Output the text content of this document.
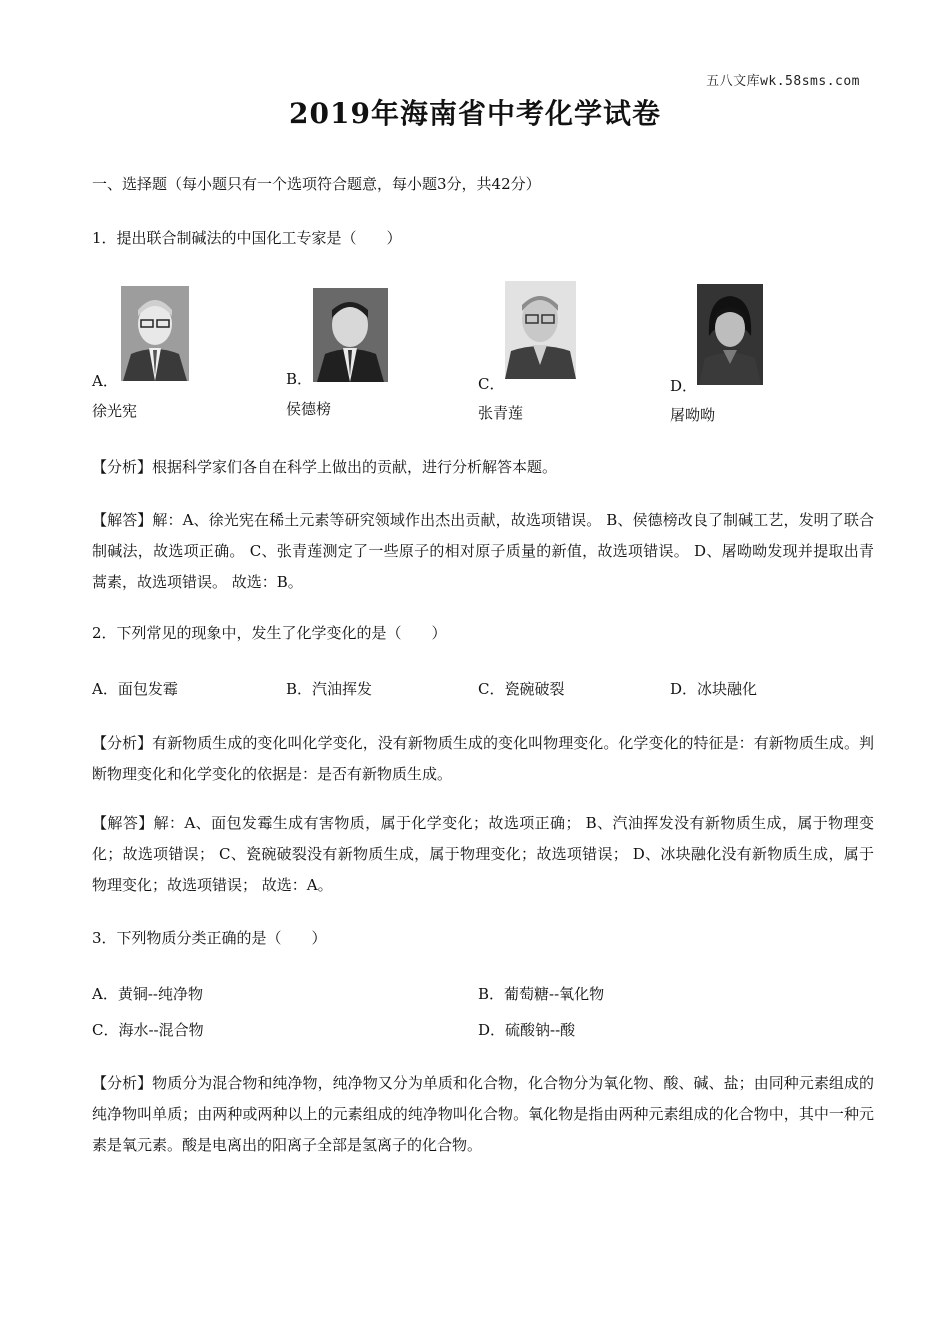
五八文库wk.58sms.com
2019年海南省中考化学试卷
一、选择题（每小题只有一个选项符合题意，每小题3分，共42分）
1．提出联合制碱法的中国化工专家是（　　）
A．
徐光宪
B．
侯德榜
C．
张青莲
D．
屠呦呦
【分析】根据科学家们各自在科学上做出的贡献，进行分析解答本题。
【解答】解：A、徐光宪在稀土元素等研究领域作出杰出贡献，故选项错误。 B、侯德榜改良了制碱工艺，发明了联合制碱法，故选项正确。 C、张青莲测定了一些原子的相对原子质量的新值，故选项错误。 D、屠呦呦发现并提取出青蒿素，故选项错误。 故选：B。
2．下列常见的现象中，发生了化学变化的是（　　）
A．面包发霉	B．汽油挥发	C．瓷碗破裂	D．冰块融化
【分析】有新物质生成的变化叫化学变化，没有新物质生成的变化叫物理变化。化学变化的特征是：有新物质生成。判断物理变化和化学变化的依据是：是否有新物质生成。
【解答】解：A、面包发霉生成有害物质，属于化学变化；故选项正确； B、汽油挥发没有新物质生成，属于物理变化；故选项错误； C、瓷碗破裂没有新物质生成，属于物理变化；故选项错误； D、冰块融化没有新物质生成，属于物理变化；故选项错误； 故选：A。
3．下列物质分类正确的是（　　）
A．黄铜--纯净物	B．葡萄糖--氧化物
C．海水--混合物	D．硫酸钠--酸
【分析】物质分为混合物和纯净物，纯净物又分为单质和化合物，化合物分为氧化物、酸、碱、盐；由同种元素组成的纯净物叫单质；由两种或两种以上的元素组成的纯净物叫化合物。氧化物是指由两种元素组成的化合物中，其中一种元素是氧元素。酸是电离出的阳离子全部是氢离子的化合物。
